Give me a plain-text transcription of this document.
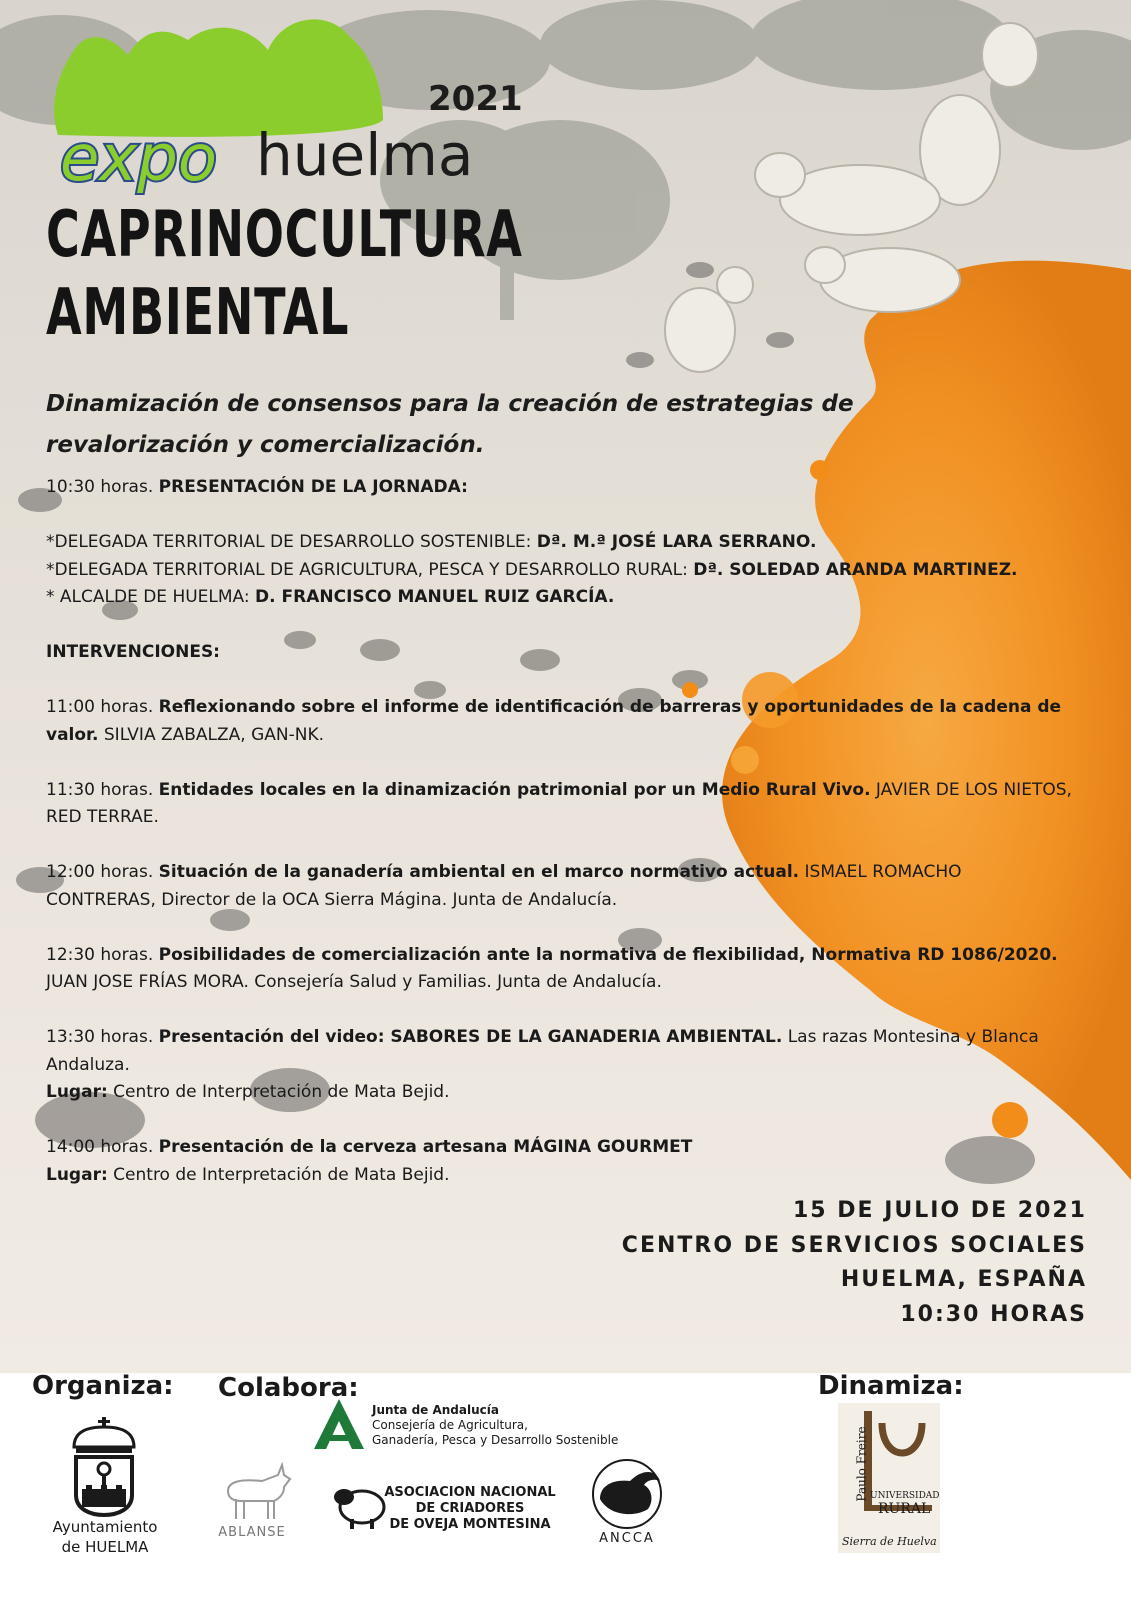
expo huelma
2021
CAPRINOCULTURA
AMBIENTAL

Dinamización de consensos para la creación de estrategias de
revalorización y comercialización.

10:30 horas. PRESENTACIÓN DE LA JORNADA:

*DELEGADA TERRITORIAL DE DESARROLLO SOSTENIBLE: Dª. M.ª JOSÉ LARA SERRANO.

*DELEGADA TERRITORIAL DE AGRICULTURA, PESCA Y DESARROLLO RURAL: Dª. SOLEDAD ARANDA MARTINEZ.

* ALCALDE DE HUELMA: D. FRANCISCO MANUEL RUIZ GARCÍA.

INTERVENCIONES:

11:00 horas. Reflexionando sobre el informe de identificación de barreras y oportunidades de la cadena de valor. SILVIA ZABALZA, GAN-NK.

11:30 horas. Entidades locales en la dinamización patrimonial por un Medio Rural Vivo. JAVIER DE LOS NIETOS, RED TERRAE.

12:00 horas. Situación de la ganadería ambiental en el marco normativo actual. ISMAEL ROMACHO CONTRERAS, Director de la OCA Sierra Mágina. Junta de Andalucía.

12:30 horas. Posibilidades de comercialización ante la normativa de flexibilidad, Normativa RD 1086/2020. JUAN JOSE FRÍAS MORA. Consejería Salud y Familias. Junta de Andalucía.

13:30 horas. Presentación del video: SABORES DE LA GANADERIA AMBIENTAL. Las razas Montesina y Blanca Andaluza.

Lugar: Centro de Interpretación de Mata Bejid.

14:00 horas. Presentación de la cerveza artesana MÁGINA GOURMET

Lugar: Centro de Interpretación de Mata Bejid.

15 DE JULIO DE 2021
CENTRO DE SERVICIOS SOCIALES
HUELMA, ESPAÑA
10:30 HORAS
Organiza: Colabora:	Dinamiza:
Ayuntamiento
de HUELMA
Junta de Andalucía
Consejería de Agricultura,
Ganadería, Pesca y Desarrollo Sostenible
ABLANSE
ASOCIACION NACIONAL
DE CRIADORES
DE OVEJA MONTESINA
ANCCA
Paulo Freire UNIVERSIDAD
RURAL
Sierra de Huelva
